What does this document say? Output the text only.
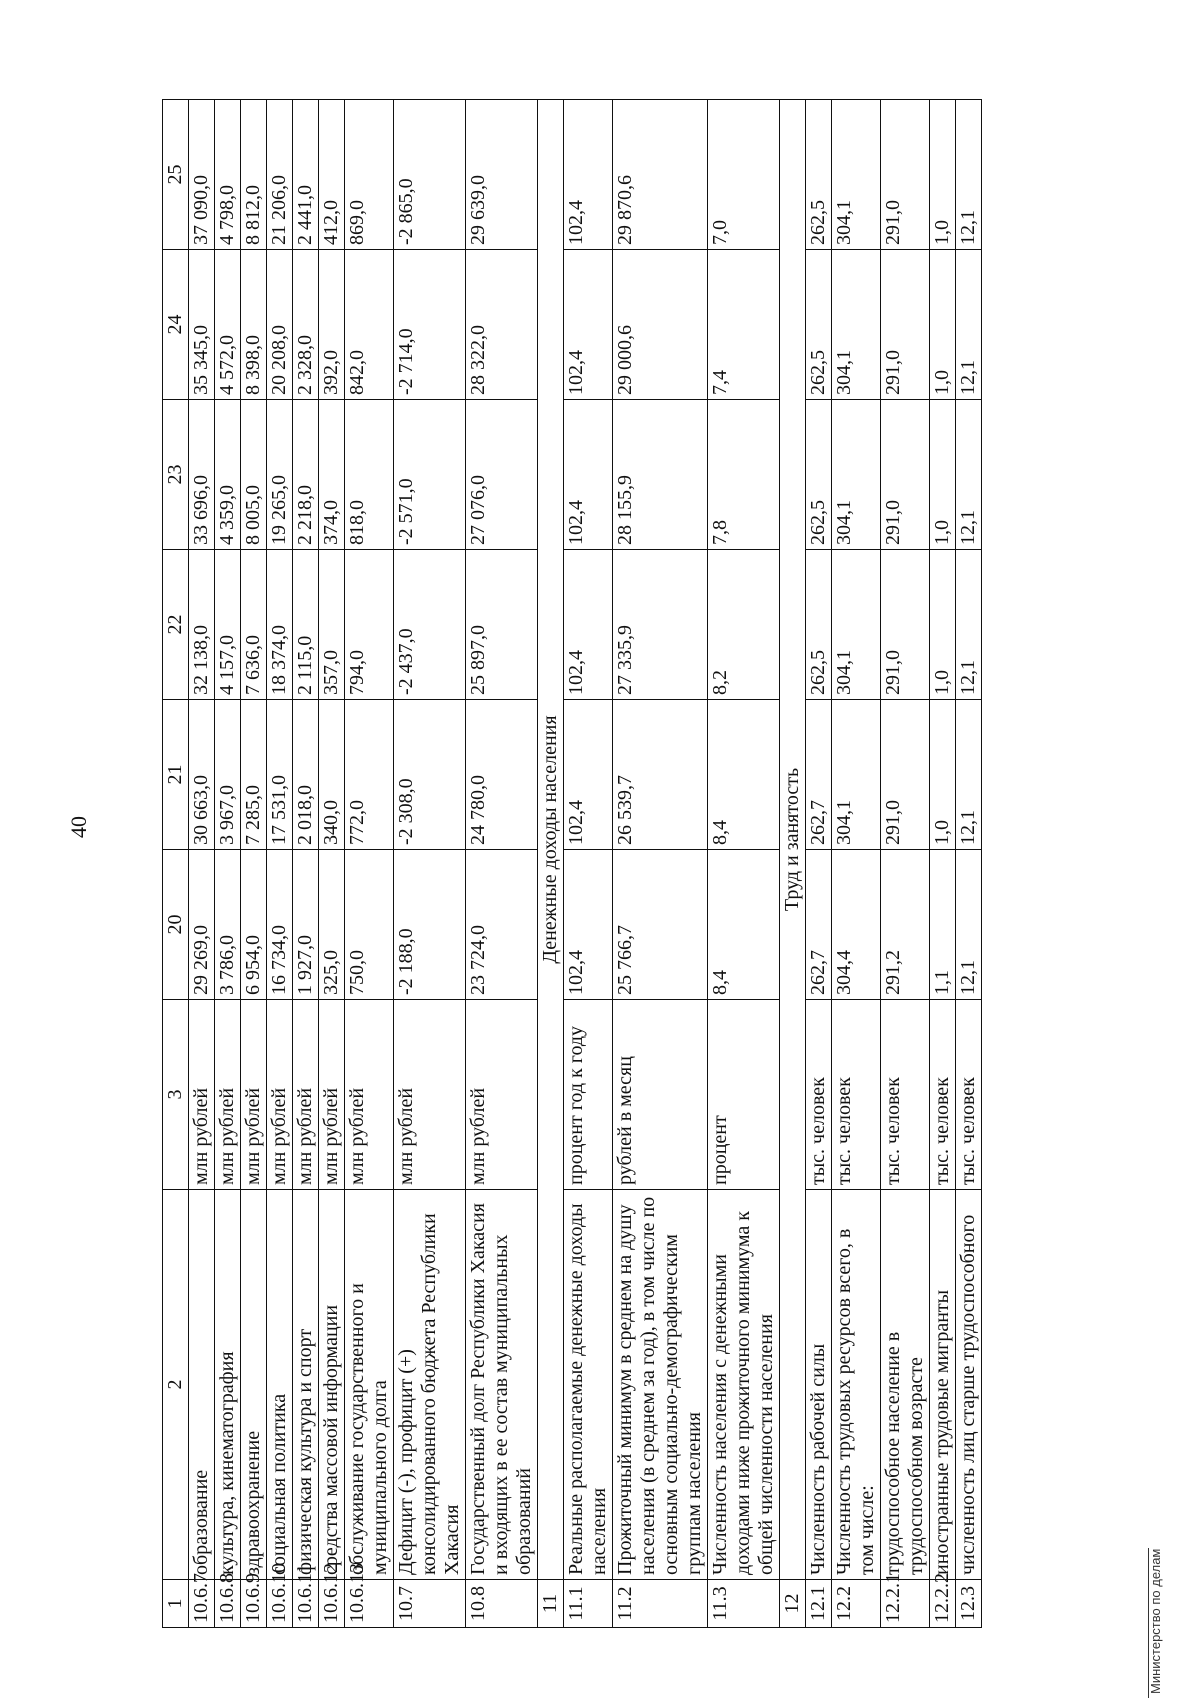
40
1	2	3	20	21	22	23	24	25
10.6.7	образование	млн рублей	29 269,0	30 663,0	32 138,0	33 696,0	35 345,0	37 090,0
10.6.8	культура, кинематография	млн рублей	3 786,0	3 967,0	4 157,0	4 359,0	4 572,0	4 798,0
10.6.9	здравоохранение	млн рублей	6 954,0	7 285,0	7 636,0	8 005,0	8 398,0	8 812,0
10.6.10	социальная политика	млн рублей	16 734,0	17 531,0	18 374,0	19 265,0	20 208,0	21 206,0
10.6.11	физическая культура и спорт	млн рублей	1 927,0	2 018,0	2 115,0	2 218,0	2 328,0	2 441,0
10.6.12	средства массовой информации	млн рублей	325,0	340,0	357,0	374,0	392,0	412,0
10.6.13	обслуживание государственного и муниципального долга	млн рублей	750,0	772,0	794,0	818,0	842,0	869,0
10.7	Дефицит (-), профицит (+) консолидированного бюджета Республики Хакасия	млн рублей	-2 188,0	-2 308,0	-2 437,0	-2 571,0	-2 714,0	-2 865,0
10.8	Государственный долг Республики Хакасия и входящих в ее состав муниципальных образований	млн рублей	23 724,0	24 780,0	25 897,0	27 076,0	28 322,0	29 639,0
11	Денежные доходы населения							
11.1	Реальные располагаемые денежные доходы населения	процент год к году	102,4	102,4	102,4	102,4	102,4	102,4
11.2	Прожиточный минимум в среднем на душу населения (в среднем за год), в том числе по основным социально-демографическим группам населения	рублей в месяц	25 766,7	26 539,7	27 335,9	28 155,9	29 000,6	29 870,6
11.3	Численность населения с денежными доходами ниже прожиточного минимума к общей численности населения	процент	8,4	8,4	8,2	7,8	7,4	7,0
12	Труд и занятость							
12.1	Численность рабочей силы	тыс. человек	262,7	262,7	262,5	262,5	262,5	262,5
12.2	Численность трудовых ресурсов всего, в том числе:	тыс. человек	304,4	304,1	304,1	304,1	304,1	304,1
12.2.1	трудоспособное население в трудоспособном возрасте	тыс. человек	291,2	291,0	291,0	291,0	291,0	291,0
12.2.2	иностранные трудовые мигранты	тыс. человек	1,1	1,0	1,0	1,0	1,0	1,0
12.3	численность лиц старше трудоспособного	тыс. человек	12,1	12,1	12,1	12,1	12,1	12,1
Министерство по делам
